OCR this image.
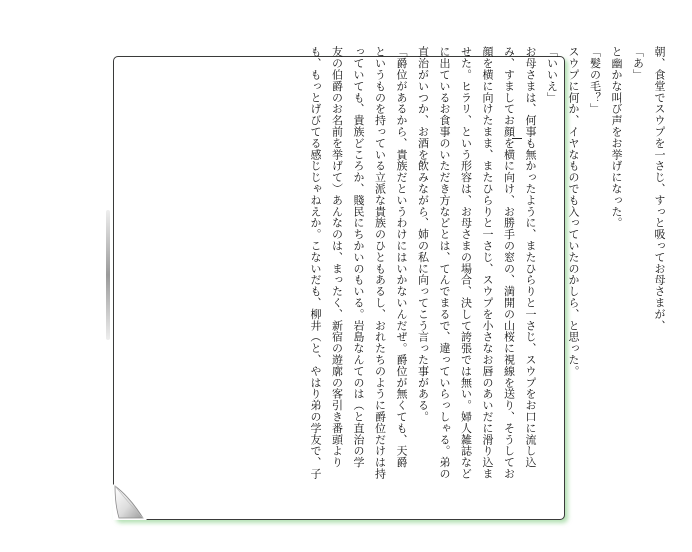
朝、食堂でスウプを一さじ、すっと吸ってお母さまが、
「あ」
と幽かな叫び声をお挙げになった。
「髪の毛？」
スウプに何か、イヤなものでも入っていたのかしら、と思った。
「いいえ」
お母さまは、何事も無かったように、またひらりと一さじ、スウプをお口に流し込
み、すましてお顔を横に向け、お勝手の窓の、満開の山桜に視線を送り、そうしてお
顔を横に向けたまま、またひらりと一さじ、スウプを小さなお唇のあいだに滑り込ま
せた。ヒラリ、という形容は、お母さまの場合、決して誇張では無い。婦人雑誌など
に出ているお食事のいただき方などとは、てんでまるで、違っていらっしゃる。弟の
直治がいつか、お酒を飲みながら、姉の私に向ってこう言った事がある。
「爵位があるから、貴族だというわけにはいかないんだぜ。爵位が無くても、天爵
というものを持っている立派な貴族のひともあるし、おれたちのように爵位だけは持
っていても、貴族どころか、賤民にちかいのもいる。岩島なんてのは（と直治の学
友の伯爵のお名前を挙げて）あんなのは、まったく、新宿の遊廓の客引き番頭より
も、もっとげびてる感じじゃねえか。こないだも、柳井（と、やはり弟の学友で、子
